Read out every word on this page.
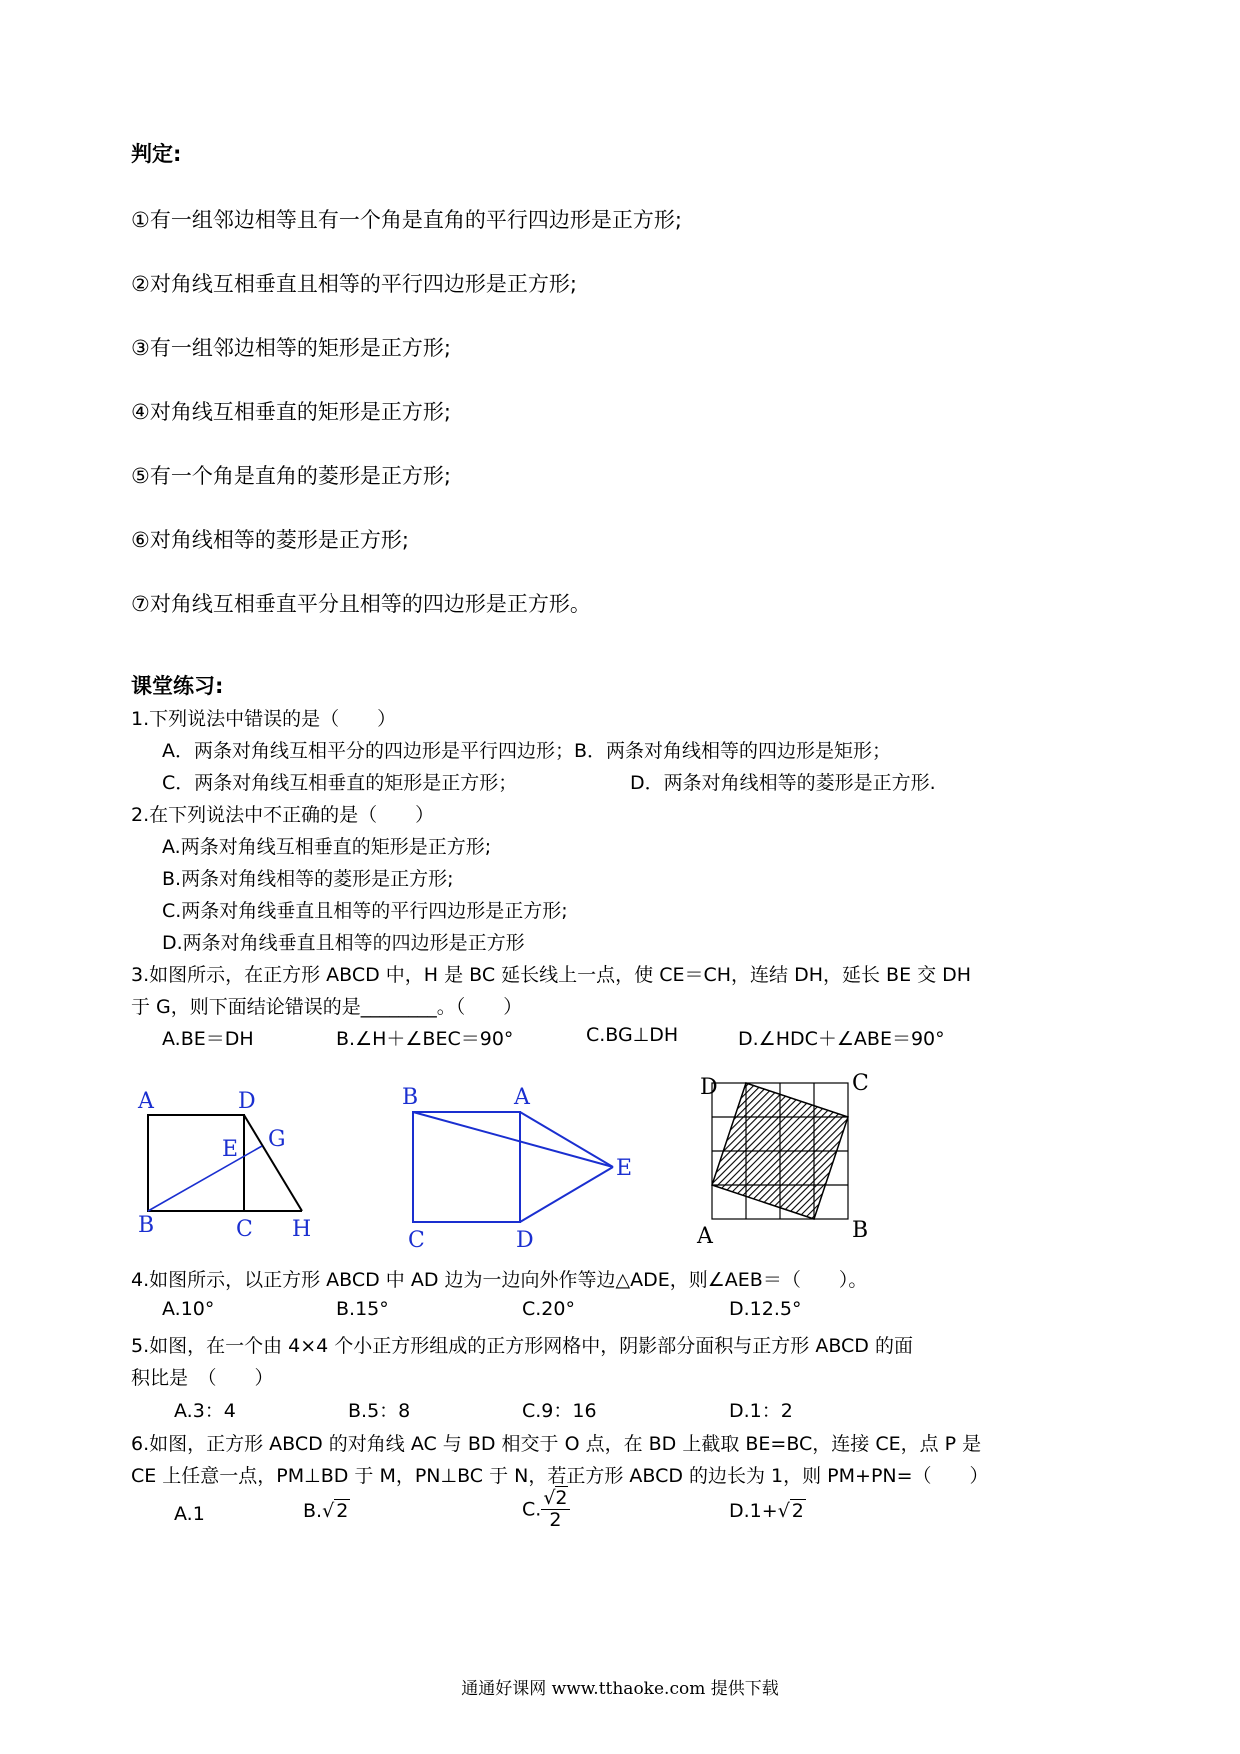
判定:
①有一组邻边相等且有一个角是直角的平行四边形是正方形;
②对角线互相垂直且相等的平行四边形是正方形;
③有一组邻边相等的矩形是正方形;
④对角线互相垂直的矩形是正方形;
⑤有一个角是直角的菱形是正方形;
⑥对角线相等的菱形是正方形;
⑦对角线互相垂直平分且相等的四边形是正方形。
课堂练习:
1.下列说法中错误的是（　　）
A．两条对角线互相平分的四边形是平行四边形；B．两条对角线相等的四边形是矩形；
C．两条对角线互相垂直的矩形是正方形；	D．两条对角线相等的菱形是正方形.
2.在下列说法中不正确的是（　　）
A.两条对角线互相垂直的矩形是正方形;
B.两条对角线相等的菱形是正方形;
C.两条对角线垂直且相等的平行四边形是正方形;
D.两条对角线垂直且相等的四边形是正方形
3.如图所示，在正方形 ABCD 中，H 是 BC 延长线上一点，使 CE＝CH，连结 DH，延长 BE 交 DH
于 G，则下面结论错误的是________。（　　）
A.BE＝DH	B.∠H＋∠BEC＝90°	C.BG⊥DH	D.∠HDC＋∠ABE＝90°
A	D
E G
B	C H
B	A
E
C	D
D	C
A	B
4.如图所示，以正方形 ABCD 中 AD 边为一边向外作等边△ADE，则∠AEB＝（　　）。
A.10°	B.15°	C.20°	D.12.5°
5.如图，在一个由 4×4 个小正方形组成的正方形网格中，阴影部分面积与正方形 ABCD 的面
积比是　（　　）
A.3：4	B.5：8	C.9：16	D.1：2
6.如图，正方形 ABCD 的对角线 AC 与 BD 相交于 O 点，在 BD 上截取 BE=BC，连接 CE，点 P 是
CE 上任意一点，PM⊥BD 于 M，PN⊥BC 于 N，若正方形 ABCD 的边长为 1，则 PM+PN=（　　）
A.1	B.√ 2	C. $\frac{√2}{2}$	D.1+√ 2
通通好课网 www.tthaoke.com 提供下载
